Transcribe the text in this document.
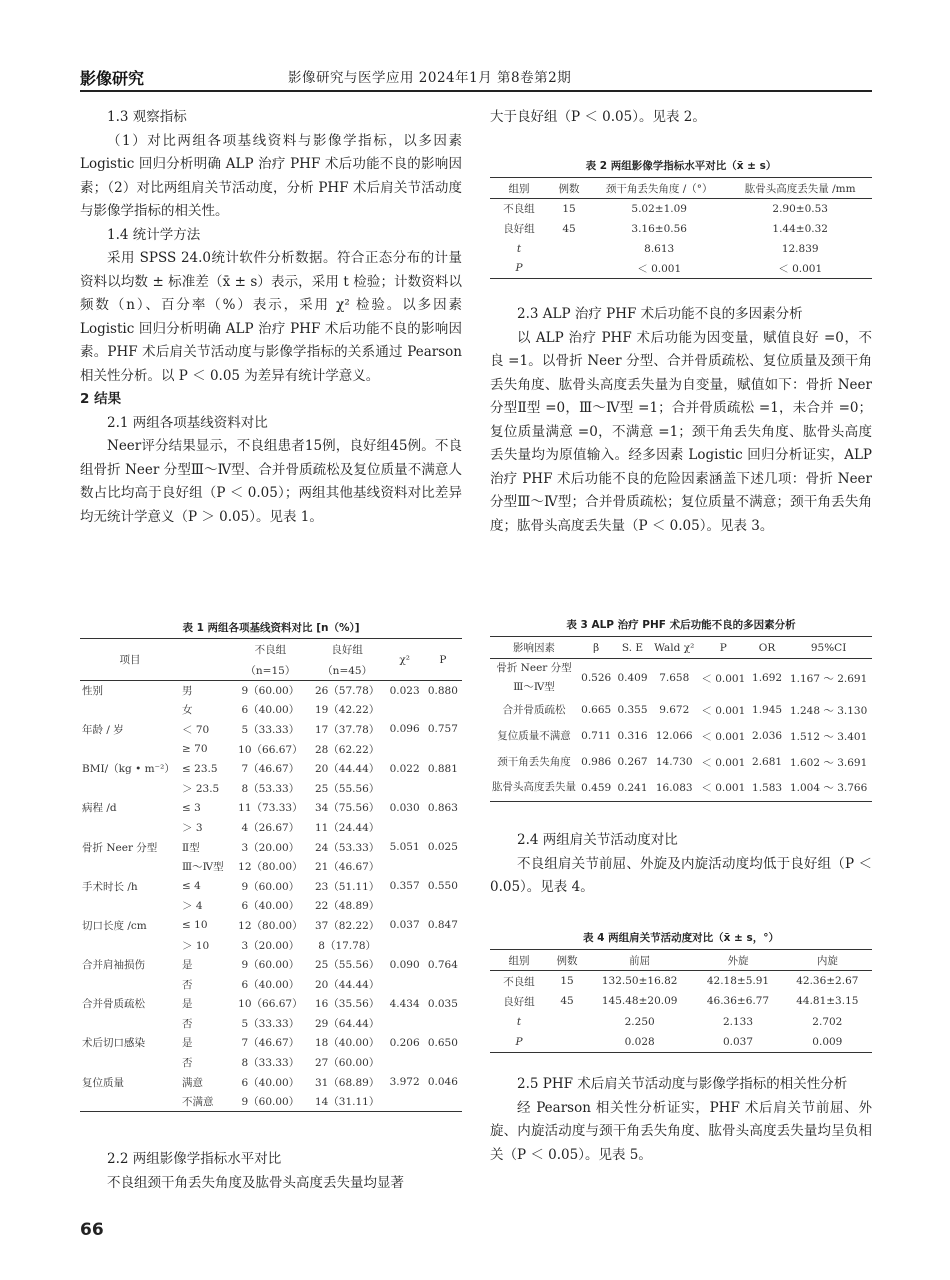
影像研究	影像研究与医学应用 2024年1月 第8卷第2期

1.3 观察指标

（1）对比两组各项基线资料与影像学指标，以多因素 Logistic 回归分析明确 ALP 治疗 PHF 术后功能不良的影响因素；（2）对比两组肩关节活动度，分析 PHF 术后肩关节活动度与影像学指标的相关性。

1.4 统计学方法

采用 SPSS 24.0统计软件分析数据。符合正态分布的计量资料以均数 ± 标准差（x̄ ± s）表示，采用 t 检验；计数资料以频数（n）、百分率（%）表示，采用 χ² 检验。以多因素 Logistic 回归分析明确 ALP 治疗 PHF 术后功能不良的影响因素。PHF 术后肩关节活动度与影像学指标的关系通过 Pearson 相关性分析。以 P ＜ 0.05 为差异有统计学意义。

2 结果

2.1 两组各项基线资料对比

Neer评分结果显示，不良组患者15例，良好组45例。不良组骨折 Neer 分型Ⅲ～Ⅳ型、合并骨质疏松及复位质量不满意人数占比均高于良好组（P ＜ 0.05）；两组其他基线资料对比差异均无统计学意义（P ＞ 0.05）。见表 1。

表 1 两组各项基线资料对比 [n（%）]
项目		不良组	良好组	χ²	P
		（n=15）	（n=45）		
性别	男	9（60.00）	26（57.78）	0.023	0.880
	女	6（40.00）	19（42.22）		
年龄 / 岁	＜ 70	5（33.33）	17（37.78）	0.096	0.757
	≥ 70	10（66.67）	28（62.22）		
BMI/（kg • m⁻²）	≤ 23.5	7（46.67）	20（44.44）	0.022	0.881
	＞ 23.5	8（53.33）	25（55.56）		
病程 /d	≤ 3	11（73.33）	34（75.56）	0.030	0.863
	＞ 3	4（26.67）	11（24.44）		
骨折 Neer 分型	Ⅱ型	3（20.00）	24（53.33）	5.051	0.025
	Ⅲ～Ⅳ型	12（80.00）	21（46.67）		
手术时长 /h	≤ 4	9（60.00）	23（51.11）	0.357	0.550
	＞ 4	6（40.00）	22（48.89）		
切口长度 /cm	≤ 10	12（80.00）	37（82.22）	0.037	0.847
	＞ 10	3（20.00）	8（17.78）		
合并肩袖损伤	是	9（60.00）	25（55.56）	0.090	0.764
	否	6（40.00）	20（44.44）		
合并骨质疏松	是	10（66.67）	16（35.56）	4.434	0.035
	否	5（33.33）	29（64.44）		
术后切口感染	是	7（46.67）	18（40.00）	0.206	0.650
	否	8（33.33）	27（60.00）		
复位质量	满意	6（40.00）	31（68.89）	3.972	0.046
	不满意	9（60.00）	14（31.11）		

2.2 两组影像学指标水平对比

不良组颈干角丢失角度及肱骨头高度丢失量均显著

大于良好组（P ＜ 0.05）。见表 2。

表 2 两组影像学指标水平对比（x̄ ± s）
组别	例数	颈干角丢失角度 /（°）	肱骨头高度丢失量 /mm
不良组	15	5.02±1.09	2.90±0.53
良好组	45	3.16±0.56	1.44±0.32
t		8.613	12.839
P		＜ 0.001	＜ 0.001

2.3 ALP 治疗 PHF 术后功能不良的多因素分析

以 ALP 治疗 PHF 术后功能为因变量，赋值良好 =0，不良 =1。以骨折 Neer 分型、合并骨质疏松、复位质量及颈干角丢失角度、肱骨头高度丢失量为自变量，赋值如下：骨折 Neer 分型Ⅱ型 =0，Ⅲ～Ⅳ型 =1；合并骨质疏松 =1，未合并 =0；复位质量满意 =0，不满意 =1；颈干角丢失角度、肱骨头高度丢失量均为原值输入。经多因素 Logistic 回归分析证实，ALP 治疗 PHF 术后功能不良的危险因素涵盖下述几项：骨折 Neer 分型Ⅲ～Ⅳ型；合并骨质疏松；复位质量不满意；颈干角丢失角度；肱骨头高度丢失量（P ＜ 0.05）。见表 3。

表 3 ALP 治疗 PHF 术后功能不良的多因素分析
影响因素	β	S. E	Wald χ²	P	OR	95%CI
骨折 Neer 分型Ⅲ～Ⅳ型	0.526	0.409	7.658	＜ 0.001	1.692	1.167 ～ 2.691
合并骨质疏松	0.665	0.355	9.672	＜ 0.001	1.945	1.248 ～ 3.130
复位质量不满意	0.711	0.316	12.066	＜ 0.001	2.036	1.512 ～ 3.401
颈干角丢失角度	0.986	0.267	14.730	＜ 0.001	2.681	1.602 ～ 3.691
肱骨头高度丢失量	0.459	0.241	16.083	＜ 0.001	1.583	1.004 ～ 3.766

2.4 两组肩关节活动度对比

不良组肩关节前屈、外旋及内旋活动度均低于良好组（P ＜ 0.05）。见表 4。

表 4 两组肩关节活动度对比（x̄ ± s，°）
组别	例数	前屈	外旋	内旋
不良组	15	132.50±16.82	42.18±5.91	42.36±2.67
良好组	45	145.48±20.09	46.36±6.77	44.81±3.15
t		2.250	2.133	2.702
P		0.028	0.037	0.009

2.5 PHF 术后肩关节活动度与影像学指标的相关性分析

经 Pearson 相关性分析证实，PHF 术后肩关节前屈、外旋、内旋活动度与颈干角丢失角度、肱骨头高度丢失量均呈负相关（P ＜ 0.05）。见表 5。

66
